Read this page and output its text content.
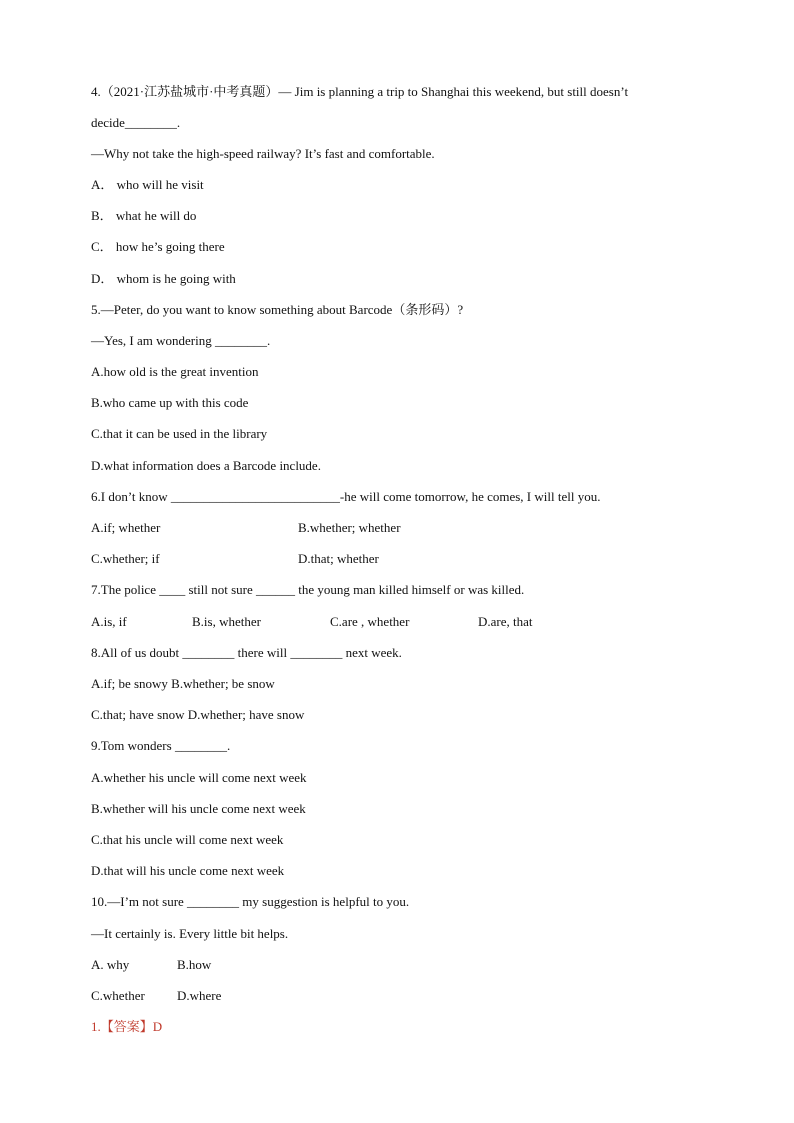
4.（2021·江苏盐城市·中考真题）— Jim is planning a trip to Shanghai this weekend, but still doesn’t
decide________.
—Why not take the high-speed railway? It’s fast and comfortable.
A． who will he visit
B． what he will do
C． how he’s going there
D． whom is he going with
5.—Peter, do you want to know something about Barcode（条形码）?
—Yes, I am wondering ________.
A.how old is the great invention
B.who came up with this code
C.that it can be used in the library
D.what information does a Barcode include.
6.I don’t know __________________________-he will come tomorrow, he comes, I will tell you.
A.if; whether	B.whether; whether
C.whether; if	D.that; whether
7.The police ____ still not sure ______ the young man killed himself or was killed.
A.is, if	B.is, whether	C.are , whether	D.are, that
8.All of us doubt ________ there will ________ next week.
A.if; be snowy B.whether; be snow
C.that; have snow D.whether; have snow
9.Tom wonders ________.
A.whether his uncle will come next week
B.whether will his uncle come next week
C.that his uncle will come next week
D.that will his uncle come next week
10.—I’m not sure ________ my suggestion is helpful to you.
—It certainly is. Every little bit helps.
A. why	B.how
C.whether D.where
1.【答案】D
